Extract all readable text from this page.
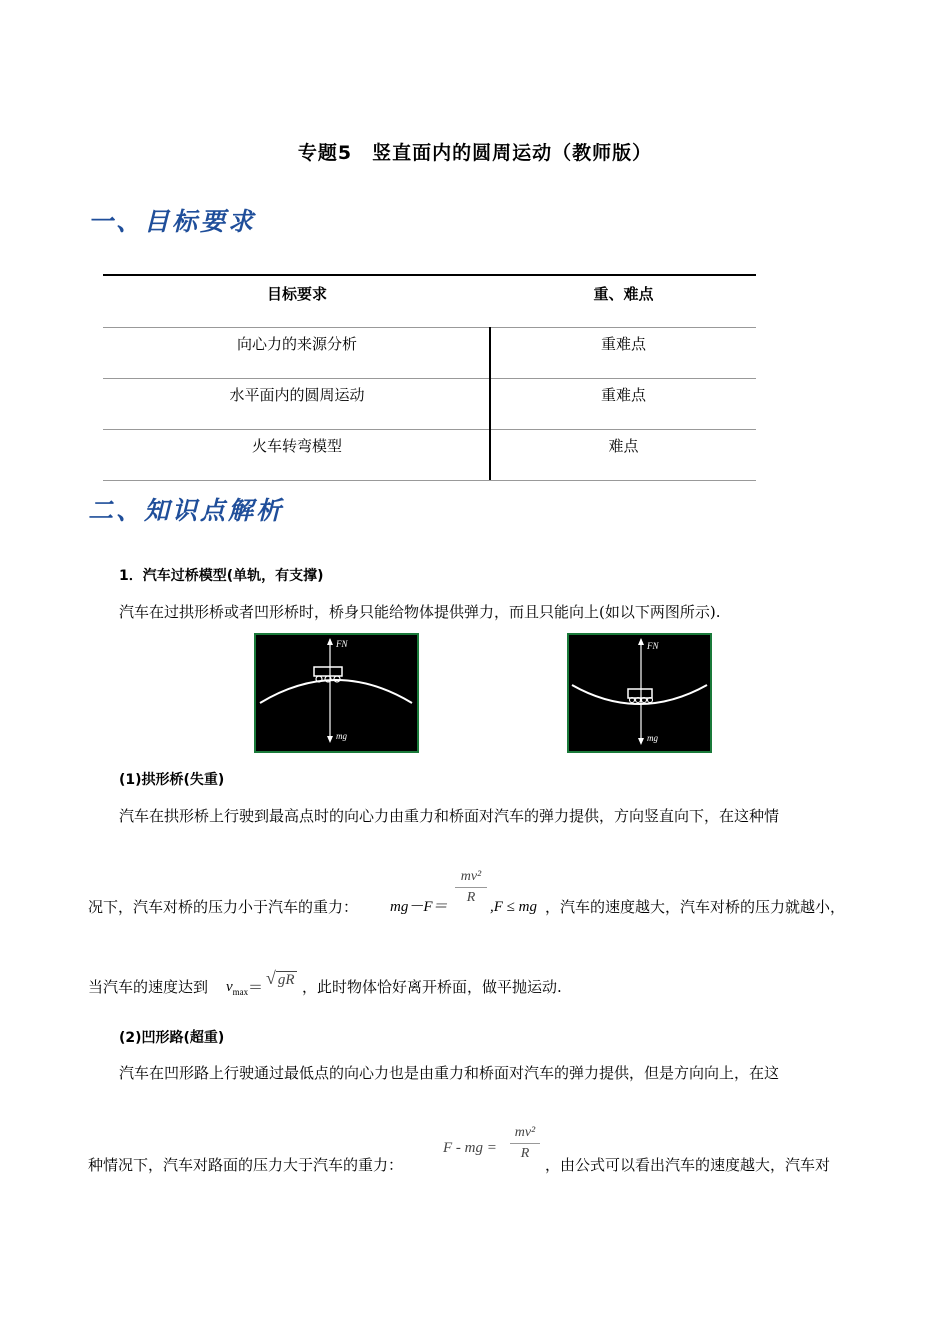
专题5　竖直面内的圆周运动（教师版）
一、目标要求
目标要求	重、难点
向心力的来源分析	重难点
水平面内的圆周运动	重难点
火车转弯模型	难点
二、知识点解析
1．汽车过桥模型(单轨，有支撑)
汽车在过拱形桥或者凹形桥时，桥身只能给物体提供弹力，而且只能向上(如以下两图所示).
FN
mg
FN
mg
(1)拱形桥(失重)
汽车在拱形桥上行驶到最高点时的向心力由重力和桥面对汽车的弹力提供，方向竖直向下，在这种情
况下，汽车对桥的压力小于汽车的重力： mg－F＝
mv²
R
,F ≤ mg ，汽车的速度越大，汽车对桥的压力就越小，
当汽车的速度达到 $v_{max}$ ＝ √ gR ，此时物体恰好离开桥面，做平抛运动.
(2)凹形路(超重)
汽车在凹形路上行驶通过最低点的向心力也是由重力和桥面对汽车的弹力提供，但是方向向上，在这
种情况下，汽车对路面的压力大于汽车的重力：
F - mg =
mv²
R
，由公式可以看出汽车的速度越大，汽车对
